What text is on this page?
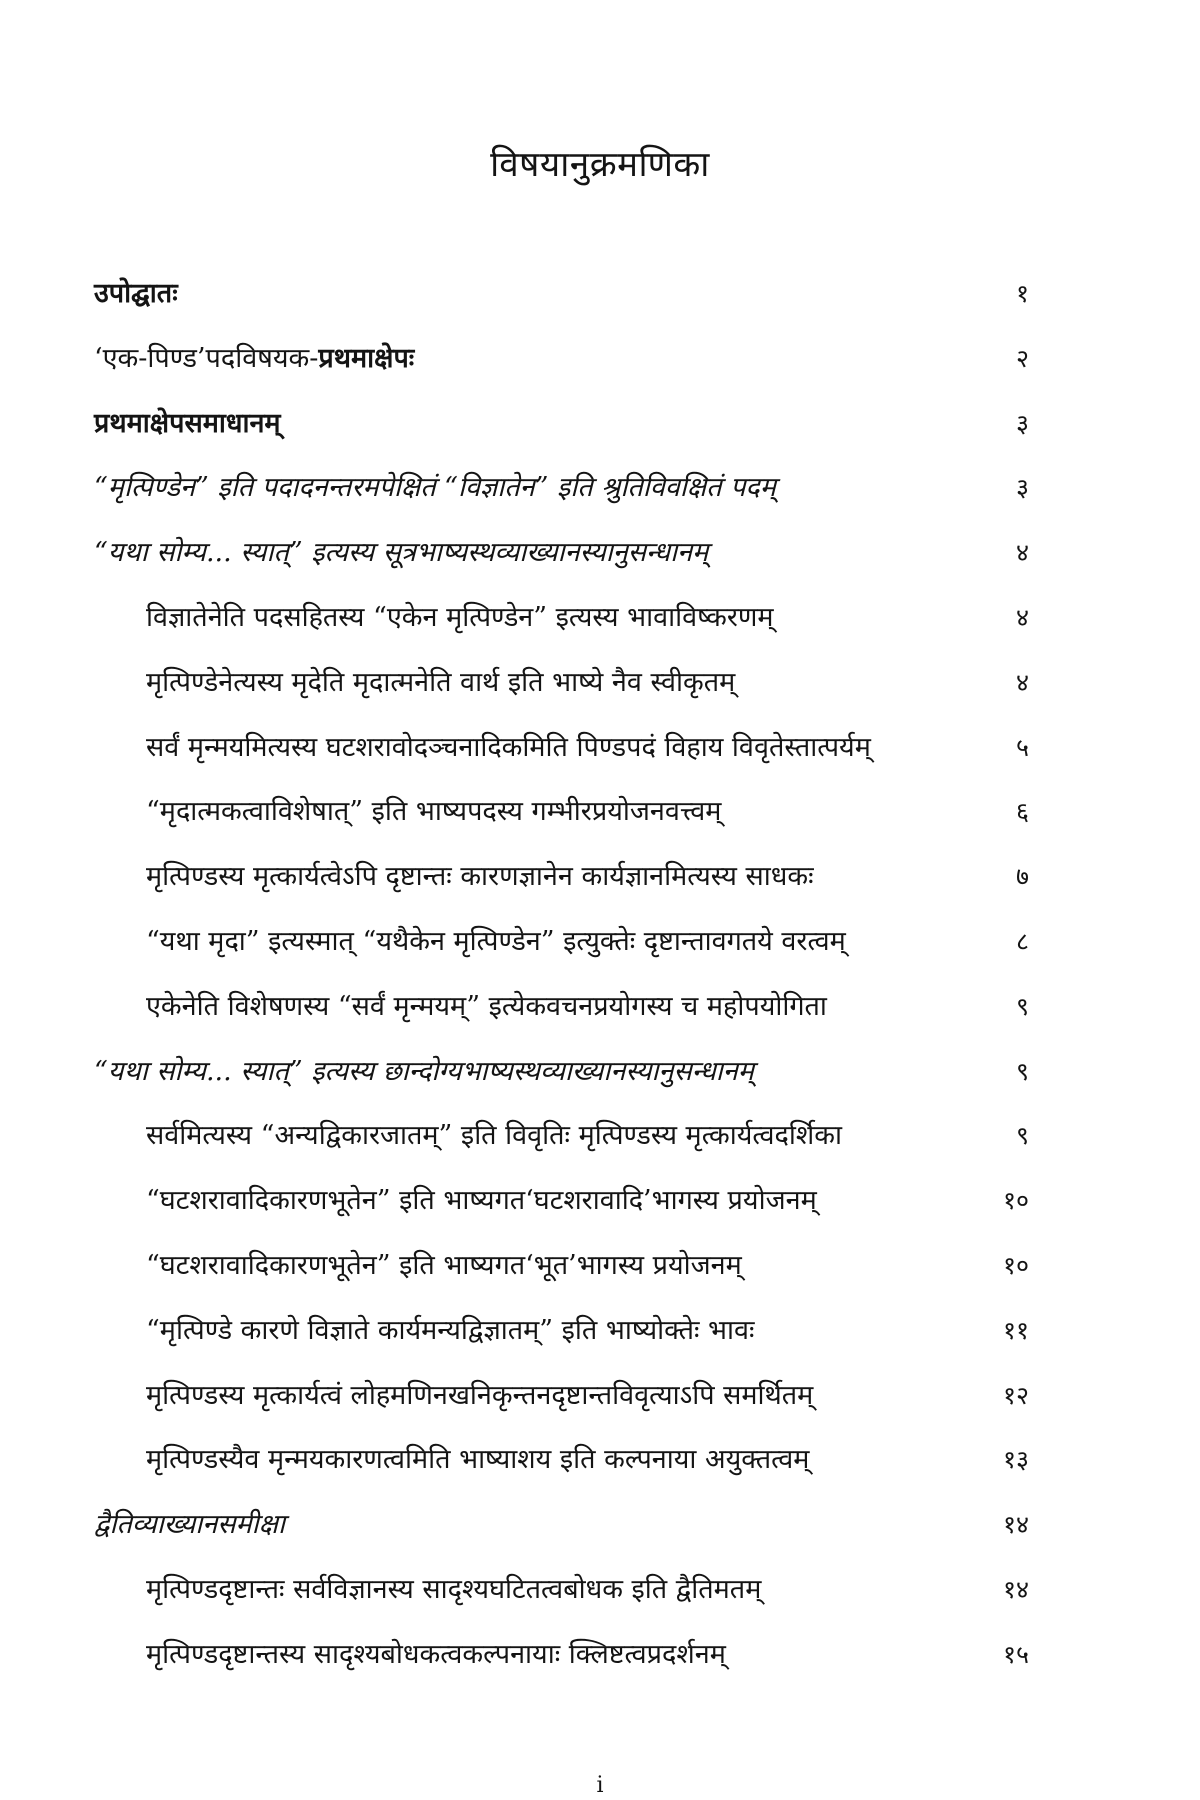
विषयानुक्रमणिका
उपोद्घातः	१
‘एक-पिण्ड’पदविषयक-प्रथमाक्षेपः	२
प्रथमाक्षेपसमाधानम्	३
“मृत्पिण्डेन” इति पदादनन्तरमपेक्षितं “विज्ञातेन” इति श्रुतिविवक्षितं पदम्	३
“यथा सोम्य... स्यात्” इत्यस्य सूत्रभाष्यस्थव्याख्यानस्यानुसन्धानम्	४
विज्ञातेनेति पदसहितस्य “एकेन मृत्पिण्डेन” इत्यस्य भावाविष्करणम्	४
मृत्पिण्डेनेत्यस्य मृदेति मृदात्मनेति वार्थ इति भाष्ये नैव स्वीकृतम्	४
सर्वं मृन्मयमित्यस्य घटशरावोदञ्चनादिकमिति पिण्डपदं विहाय विवृतेस्तात्पर्यम्	५
“मृदात्मकत्वाविशेषात्” इति भाष्यपदस्य गम्भीरप्रयोजनवत्त्वम्	६
मृत्पिण्डस्य मृत्कार्यत्वेऽपि दृष्टान्तः कारणज्ञानेन कार्यज्ञानमित्यस्य साधकः	७
“यथा मृदा” इत्यस्मात् “यथैकेन मृत्पिण्डेन” इत्युक्तेः दृष्टान्तावगतये वरत्वम्	८
एकेनेति विशेषणस्य “सर्वं मृन्मयम्” इत्येकवचनप्रयोगस्य च महोपयोगिता	९
“यथा सोम्य... स्यात्” इत्यस्य छान्दोग्यभाष्यस्थव्याख्यानस्यानुसन्धानम्	९
सर्वमित्यस्य “अन्यद्विकारजातम्” इति विवृतिः मृत्पिण्डस्य मृत्कार्यत्वदर्शिका	९
“घटशरावादिकारणभूतेन” इति भाष्यगत‘घटशरावादि’भागस्य प्रयोजनम्	१०
“घटशरावादिकारणभूतेन” इति भाष्यगत‘भूत’भागस्य प्रयोजनम्	१०
“मृत्पिण्डे कारणे विज्ञाते कार्यमन्यद्विज्ञातम्” इति भाष्योक्तेः भावः	११
मृत्पिण्डस्य मृत्कार्यत्वं लोहमणिनखनिकृन्तनदृष्टान्तविवृत्याऽपि समर्थितम्	१२
मृत्पिण्डस्यैव मृन्मयकारणत्वमिति भाष्याशय इति कल्पनाया अयुक्तत्वम्	१३
द्वैतिव्याख्यानसमीक्षा	१४
मृत्पिण्डदृष्टान्तः सर्वविज्ञानस्य सादृश्यघटितत्वबोधक इति द्वैतिमतम्	१४
मृत्पिण्डदृष्टान्तस्य सादृश्यबोधकत्वकल्पनायाः क्लिष्टत्वप्रदर्शनम्	१५
i
